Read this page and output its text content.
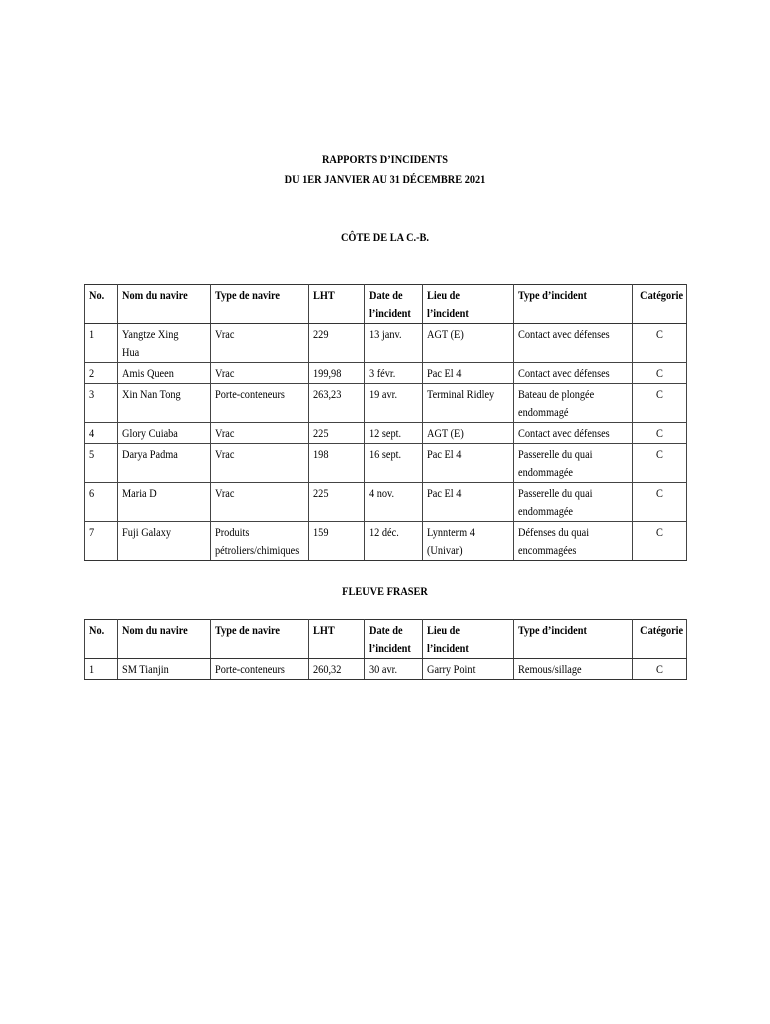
RAPPORTS D’INCIDENTS
DU 1ER JANVIER AU 31 DÉCEMBRE 2021
CÔTE DE LA C.-B.
No.	Nom du navire	Type de navire	LHT	Date de
l’incident	Lieu de l’incident	Type d’incident	Catégorie

1	Yangtze Xing Hua	Vrac	229	13 janv.	AGT (E)	Contact avec défenses	C

2	Amis Queen	Vrac	199,98	3 févr.	Pac El 4	Contact avec défenses	C

3	Xin Nan Tong	Porte-conteneurs	263,23	19 avr.	Terminal Ridley	Bateau de plongée
endommagé	C

4	Glory Cuiaba	Vrac	225	12 sept.	AGT (E)	Contact avec défenses	C

5	Darya Padma	Vrac	198	16 sept.	Pac El 4	Passerelle du quai
endommagée	C

6	Maria D	Vrac	225	4 nov.	Pac El 4	Passerelle du quai
endommagée	C

7	Fuji Galaxy	Produits
pétroliers/chimiques	159	12 déc.	Lynnterm 4
(Univar)	Défenses du quai
encommagées	C
FLEUVE FRASER
No.	Nom du navire	Type de navire	LHT	Date de
l’incident	Lieu de l’incident	Type d’incident	Catégorie

1	SM Tianjin	Porte-conteneurs	260,32	30 avr.	Garry Point	Remous/sillage	C
